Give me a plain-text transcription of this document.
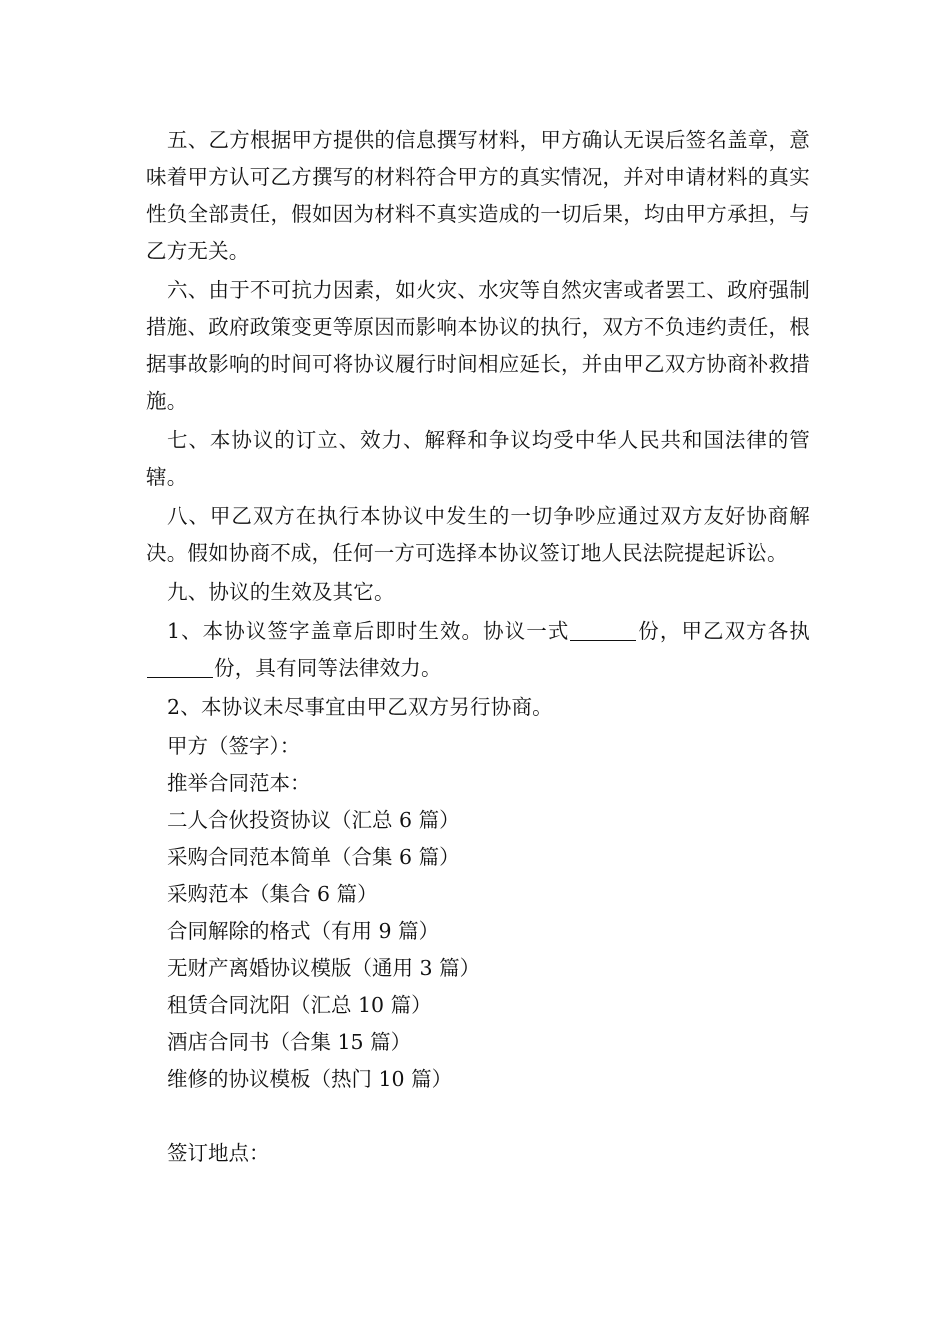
五、乙方根据甲方提供的信息撰写材料，甲方确认无误后签名盖章，意味着甲方认可乙方撰写的材料符合甲方的真实情况，并对申请材料的真实性负全部责任，假如因为材料不真实造成的一切后果，均由甲方承担，与乙方无关。

六、由于不可抗力因素，如火灾、水灾等自然灾害或者罢工、政府强制措施、政府政策变更等原因而影响本协议的执行，双方不负违约责任，根据事故影响的时间可将协议履行时间相应延长，并由甲乙双方协商补救措施。

七、本协议的订立、效力、解释和争议均受中华人民共和国法律的管辖。

八、甲乙双方在执行本协议中发生的一切争吵应通过双方友好协商解决。假如协商不成，任何一方可选择本协议签订地人民法院提起诉讼。

九、协议的生效及其它。

1、本协议签字盖章后即时生效。协议一式	份，甲乙双方各执份，具有同等法律效力。

2、本协议未尽事宜由甲乙双方另行协商。

甲方（签字）：

推举合同范本：

二人合伙投资协议（汇总 6 篇）

采购合同范本简单（合集 6 篇）

采购范本（集合 6 篇）

合同解除的格式（有用 9 篇）

无财产离婚协议模版（通用 3 篇）

租赁合同沈阳（汇总 10 篇）

酒店合同书（合集 15 篇）

维修的协议模板（热门 10 篇）

签订地点：
